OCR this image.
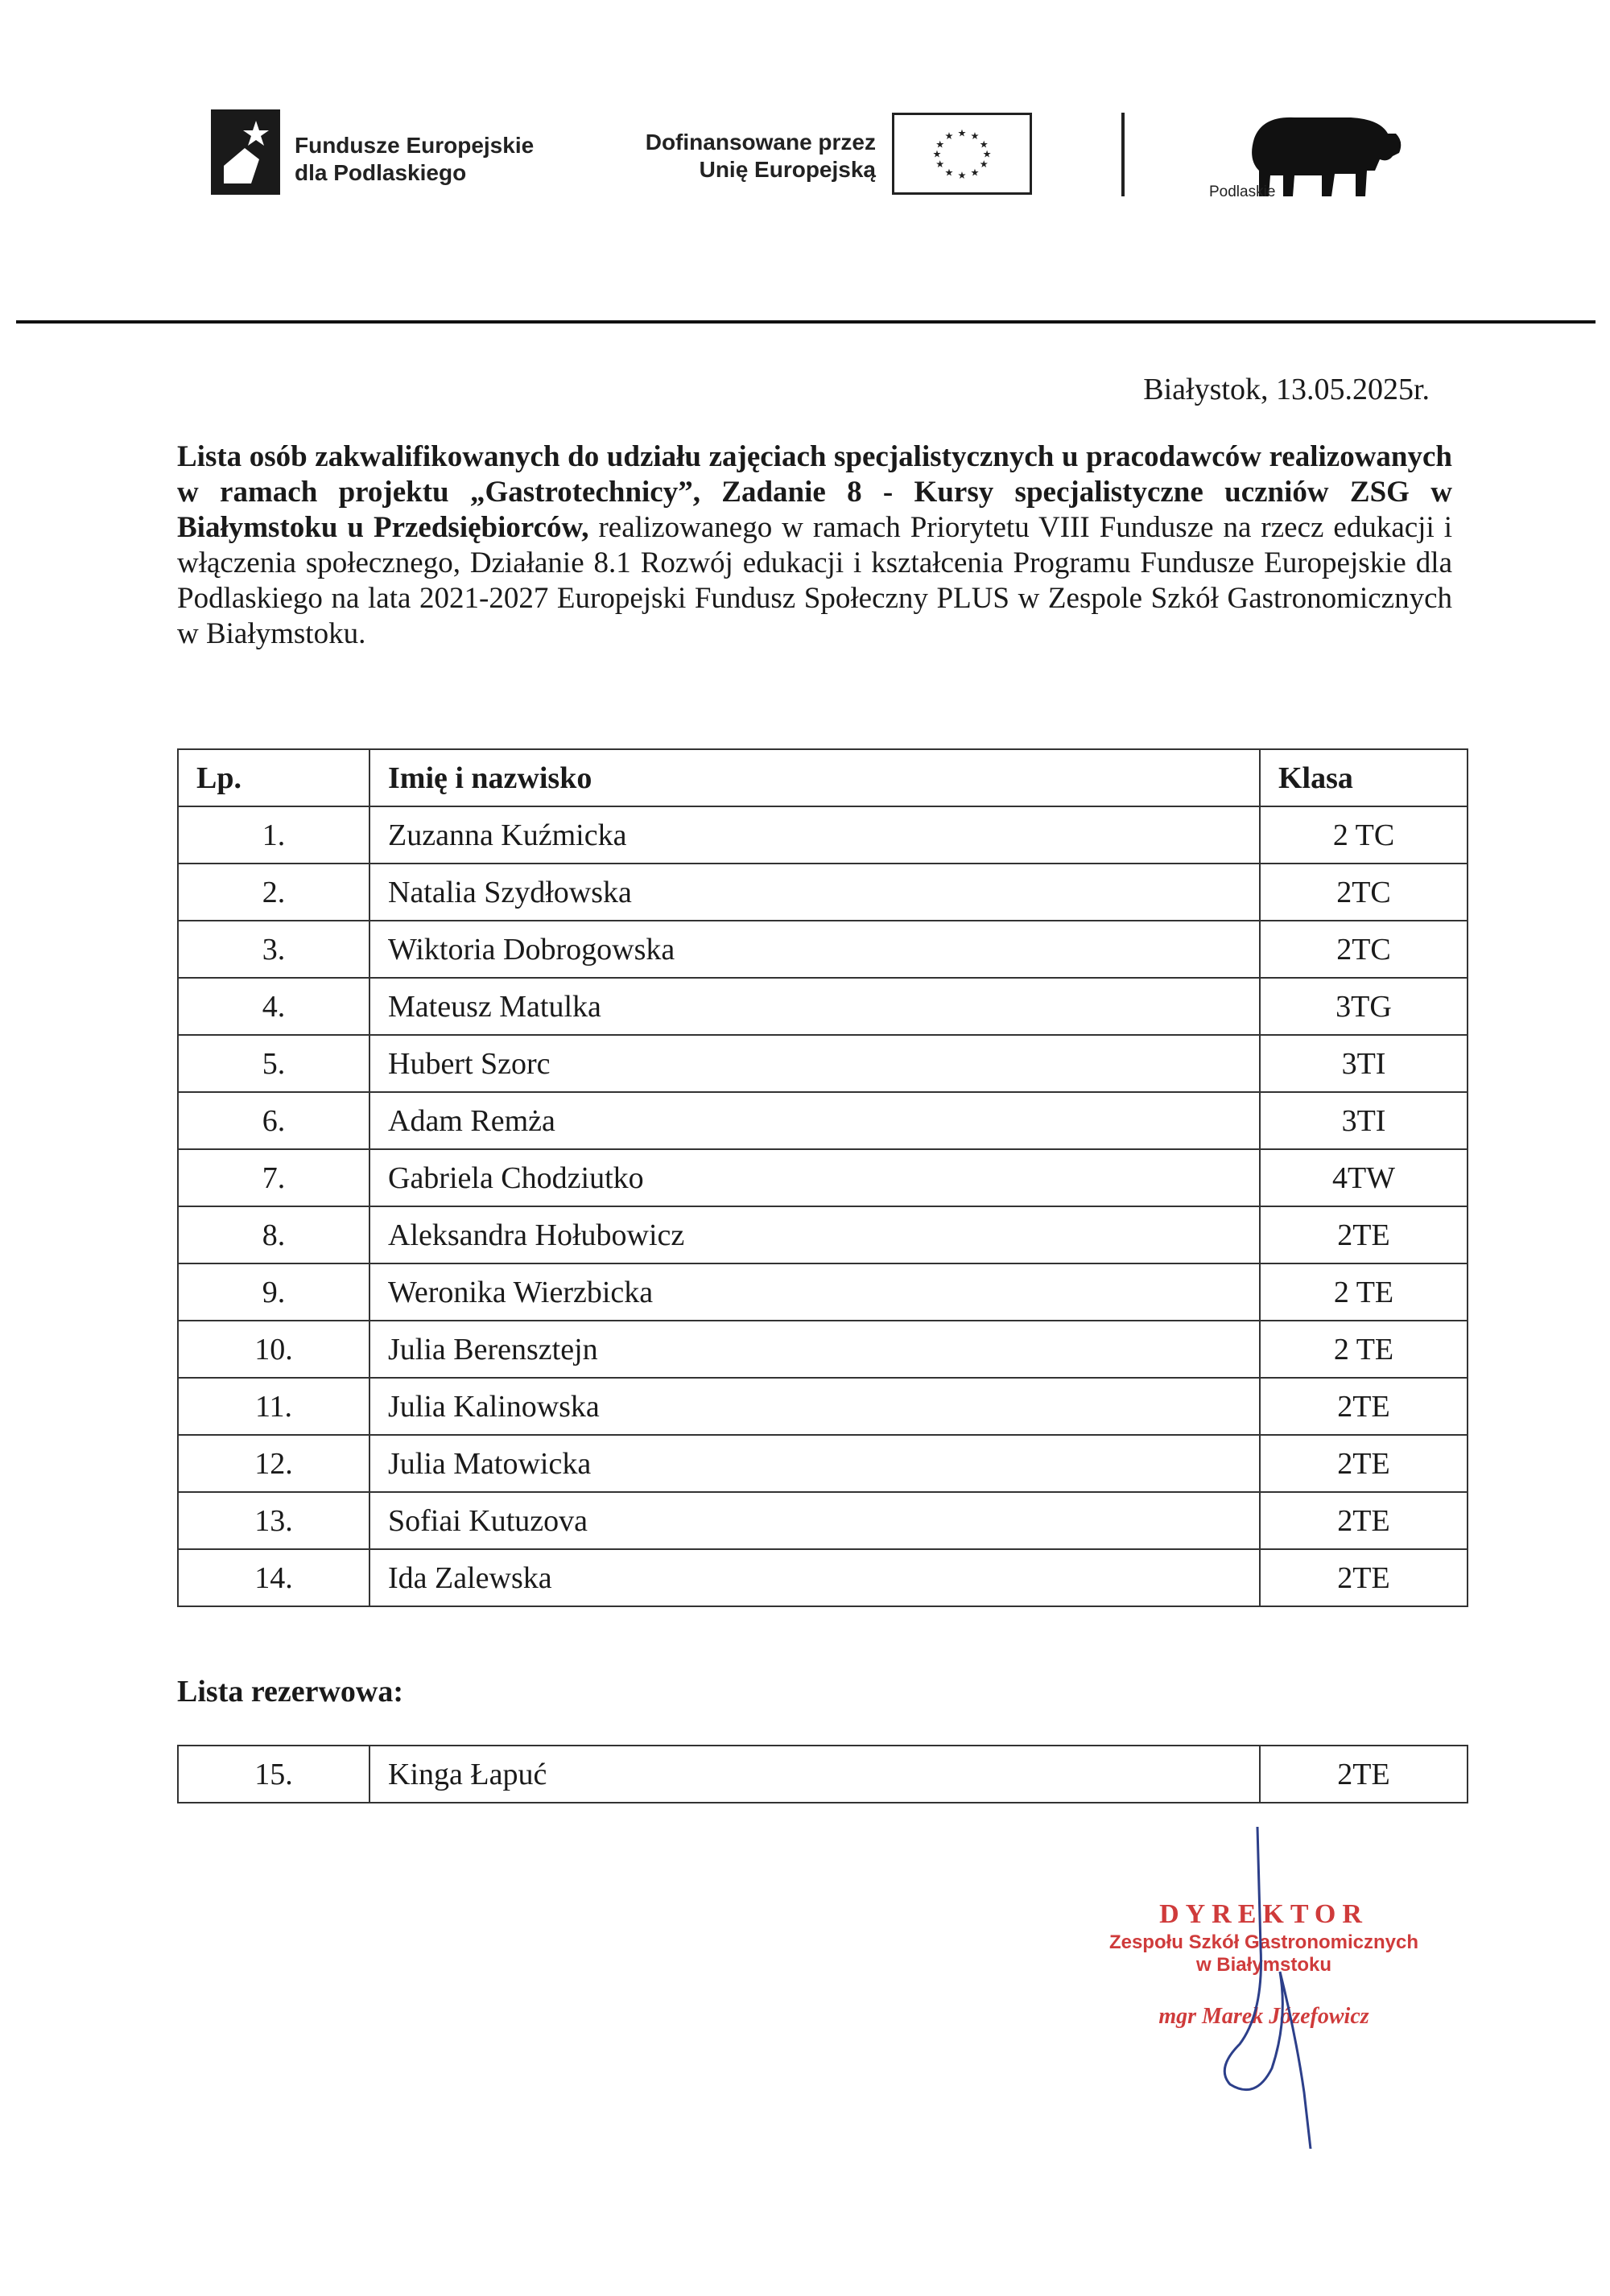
Fundusze Europejskie
dla Podlaskiego
Dofinansowane przez
Unię Europejską
★ ★
★
★
★
★
★
★
★
★
★
★
Podlaskie
Białystok, 13.05.2025r.
Lista osób zakwalifikowanych do udziału zajęciach specjalistycznych u pracodawców realizowanych w ramach projektu „Gastrotechnicy”, Zadanie 8 - Kursy specjalistyczne uczniów ZSG w Białymstoku u Przedsiębiorców, realizowanego w ramach Priorytetu VIII Fundusze na rzecz edukacji i włączenia społecznego, Działanie 8.1 Rozwój edukacji i kształcenia Programu Fundusze Europejskie dla Podlaskiego na lata 2021-2027 Europejski Fundusz Społeczny PLUS w Zespole Szkół Gastronomicznych w Białymstoku.
Lp.	Imię i nazwisko	Klasa
1.	Zuzanna Kuźmicka	2 TC
2.	Natalia Szydłowska	2TC
3.	Wiktoria Dobrogowska	2TC
4.	Mateusz Matulka	3TG
5.	Hubert Szorc	3TI
6.	Adam Remża	3TI
7.	Gabriela Chodziutko	4TW
8.	Aleksandra Hołubowicz	2TE
9.	Weronika Wierzbicka	2 TE
10.	Julia Berensztejn	2 TE
11.	Julia Kalinowska	2TE
12.	Julia Matowicka	2TE
13.	Sofiai Kutuzova	2TE
14.	Ida Zalewska	2TE
Lista rezerwowa:
15.	Kinga Łapuć	2TE
DYREKTOR
Zespołu Szkół Gastronomicznych
w Białymstoku
mgr Marek Józefowicz
